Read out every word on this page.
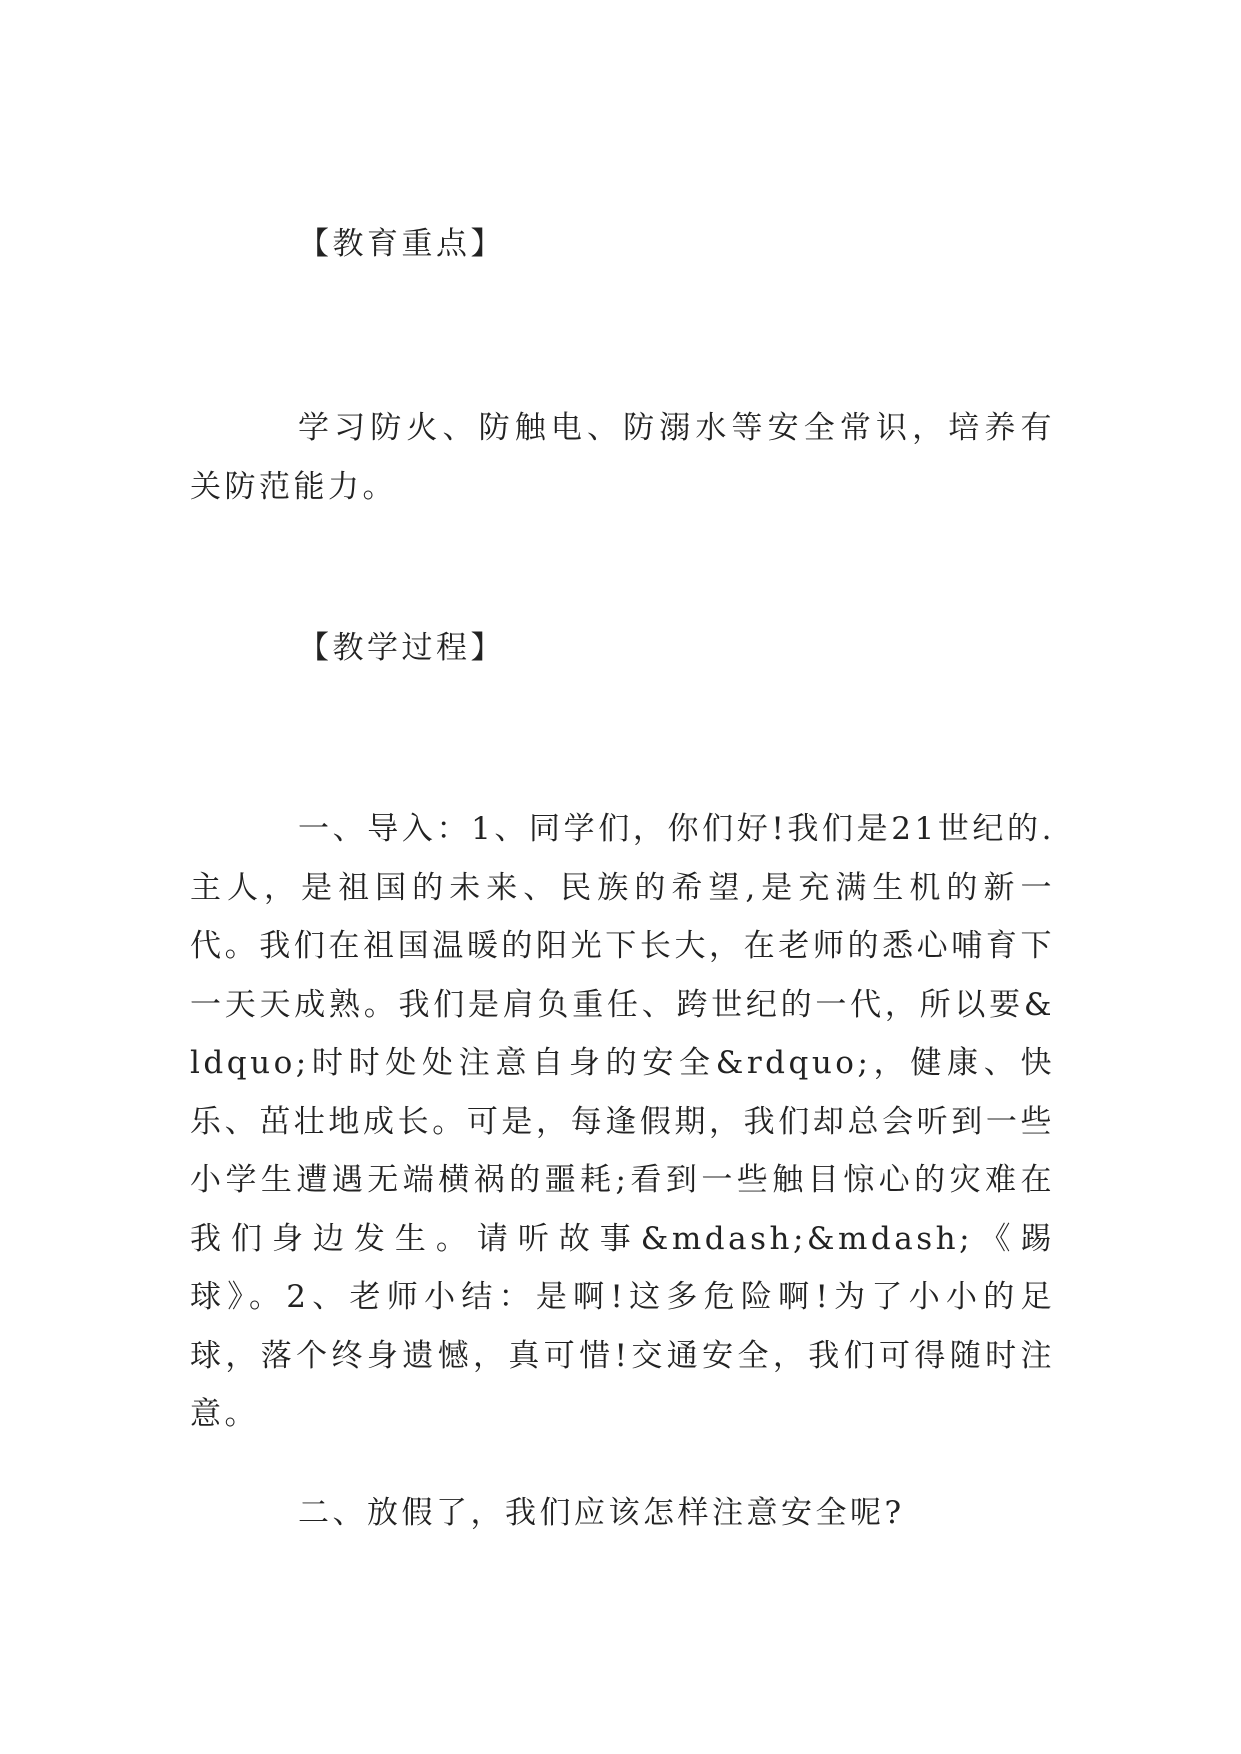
【教育重点】

学习防火、防触电、防溺水等安全常识，培养有关防范能力。

【教学过程】

一、导入：1、同学们，你们好!我们是21世纪的.主人，是祖国的未来、民族的希望,是充满生机的新一代。我们在祖国温暖的阳光下长大，在老师的悉心哺育下一天天成熟。我们是肩负重任、跨世纪的一代，所以要&ldquo;时时处处注意自身的安全&rdquo;，健康、快乐、茁壮地成长。可是，每逢假期，我们却总会听到一些小学生遭遇无端横祸的噩耗;看到一些触目惊心的灾难在我们身边发生。请听故事&mdash;&mdash;《踢球》。2、老师小结：是啊!这多危险啊!为了小小的足球，落个终身遗憾，真可惜!交通安全，我们可得随时注意。

二、放假了，我们应该怎样注意安全呢?
